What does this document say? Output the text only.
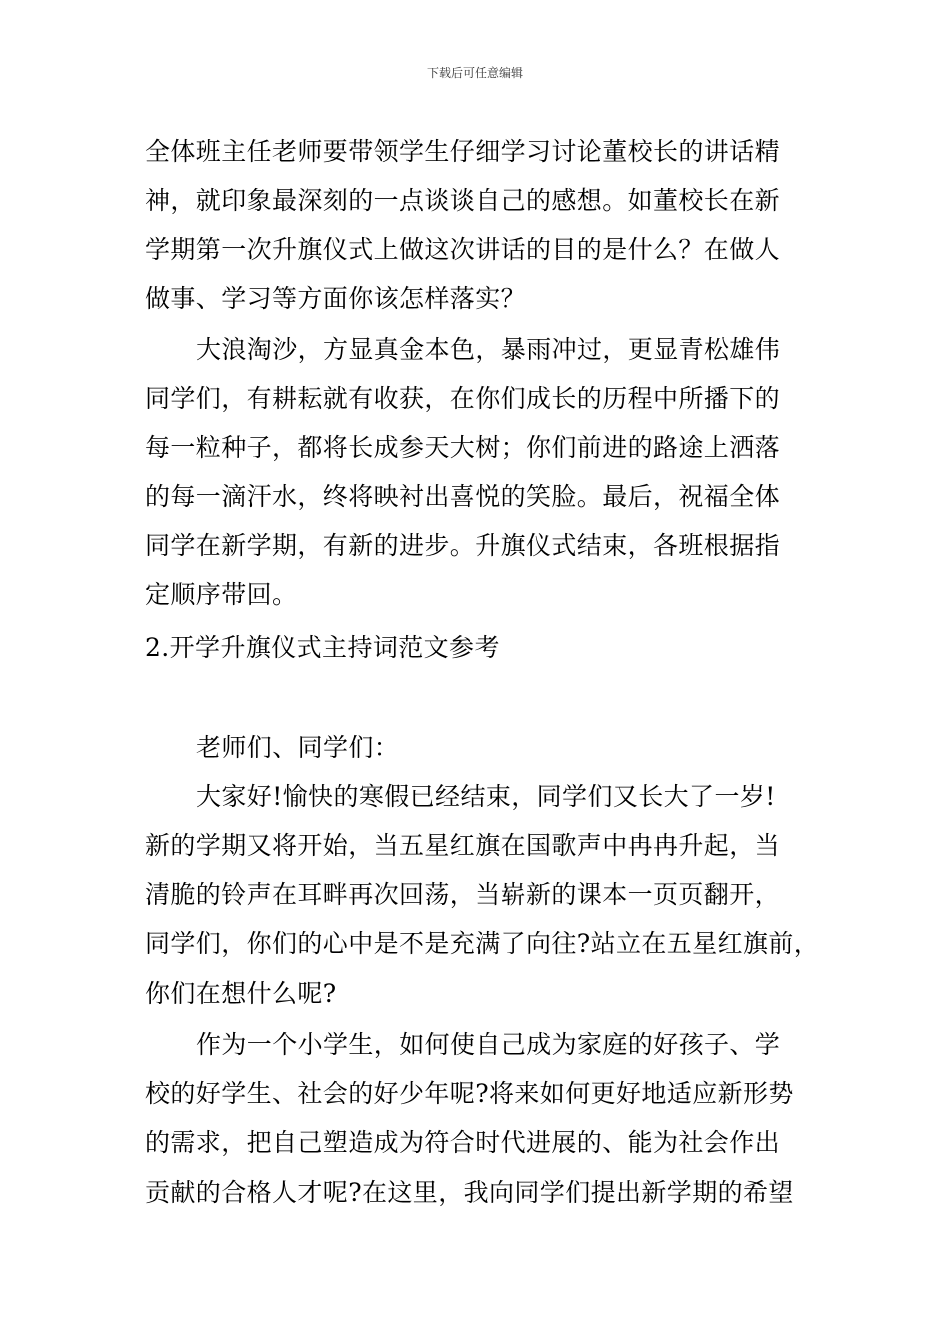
下载后可任意编辑
全体班主任老师要带领学生仔细学习讨论董校长的讲话精
神，就印象最深刻的一点谈谈自己的感想。如董校长在新
学期第一次升旗仪式上做这次讲话的目的是什么？在做人
做事、学习等方面你该怎样落实？
大浪淘沙，方显真金本色，暴雨冲过，更显青松雄伟
同学们，有耕耘就有收获，在你们成长的历程中所播下的
每一粒种子，都将长成参天大树；你们前进的路途上洒落
的每一滴汗水，终将映衬出喜悦的笑脸。最后，祝福全体
同学在新学期，有新的进步。升旗仪式结束，各班根据指
定顺序带回。
2.开学升旗仪式主持词范文参考
老师们、同学们：
大家好!愉快的寒假已经结束，同学们又长大了一岁!
新的学期又将开始，当五星红旗在国歌声中冉冉升起，当
清脆的铃声在耳畔再次回荡，当崭新的课本一页页翻开，
同学们，你们的心中是不是充满了向往?站立在五星红旗前，
你们在想什么呢?
作为一个小学生，如何使自己成为家庭的好孩子、学
校的好学生、社会的好少年呢?将来如何更好地适应新形势
的需求，把自己塑造成为符合时代进展的、能为社会作出
贡献的合格人才呢?在这里，我向同学们提出新学期的希望
